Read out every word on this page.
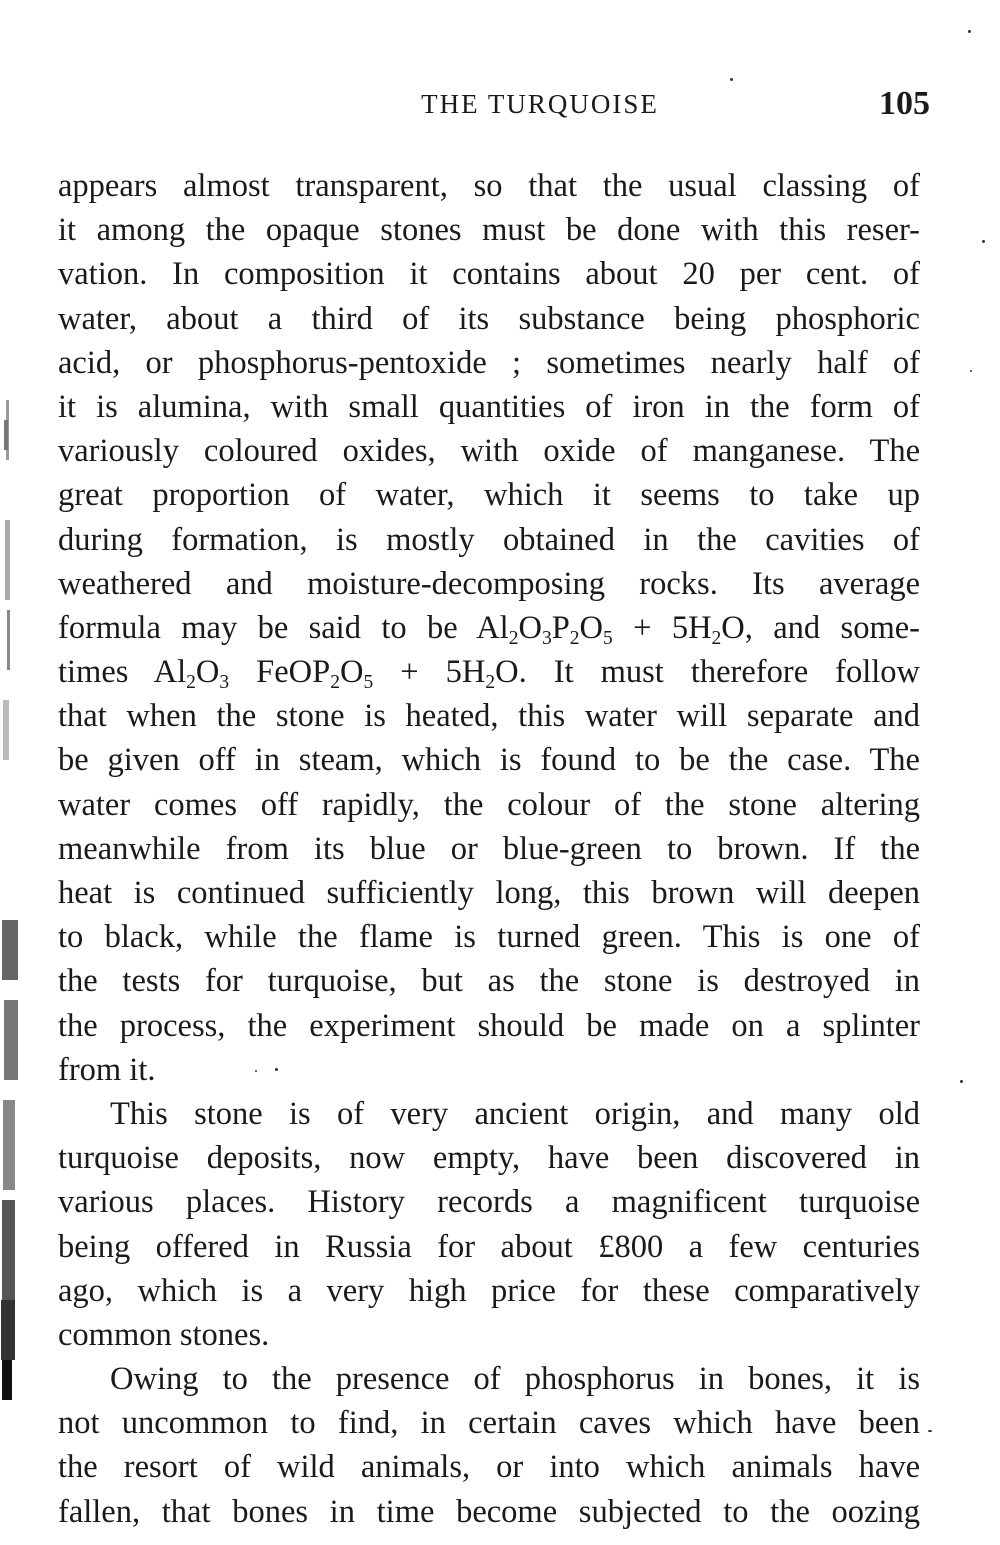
THE TURQUOISE	105
appears almost transparent, so that the usual classing of
it among the opaque stones must be done with this reser-
vation. In composition it contains about 20 per cent. of
water, about a third of its substance being phosphoric
acid, or phosphorus-pentoxide ; sometimes nearly half of
it is alumina, with small quantities of iron in the form of
variously coloured oxides, with oxide of manganese. The
great proportion of water, which it seems to take up
during formation, is mostly obtained in the cavities of
weathered and moisture-decomposing rocks. Its average
formula may be said to be $Al_2O_3P_2O_5 + 5H_2O$, and some-
times $Al_2O_3$ $FeOP_2O_5 + 5H_2O$. It must therefore follow
that when the stone is heated, this water will separate and
be given off in steam, which is found to be the case. The
water comes off rapidly, the colour of the stone altering
meanwhile from its blue or blue-green to brown. If the
heat is continued sufficiently long, this brown will deepen
to black, while the flame is turned green. This is one of
the tests for turquoise, but as the stone is destroyed in
the process, the experiment should be made on a splinter
from it.
This stone is of very ancient origin, and many old
turquoise deposits, now empty, have been discovered in
various places. History records a magnificent turquoise
being offered in Russia for about £800 a few centuries
ago, which is a very high price for these comparatively
common stones.
Owing to the presence of phosphorus in bones, it is
not uncommon to find, in certain caves which have been
the resort of wild animals, or into which animals have
fallen, that bones in time become subjected to the oozing
